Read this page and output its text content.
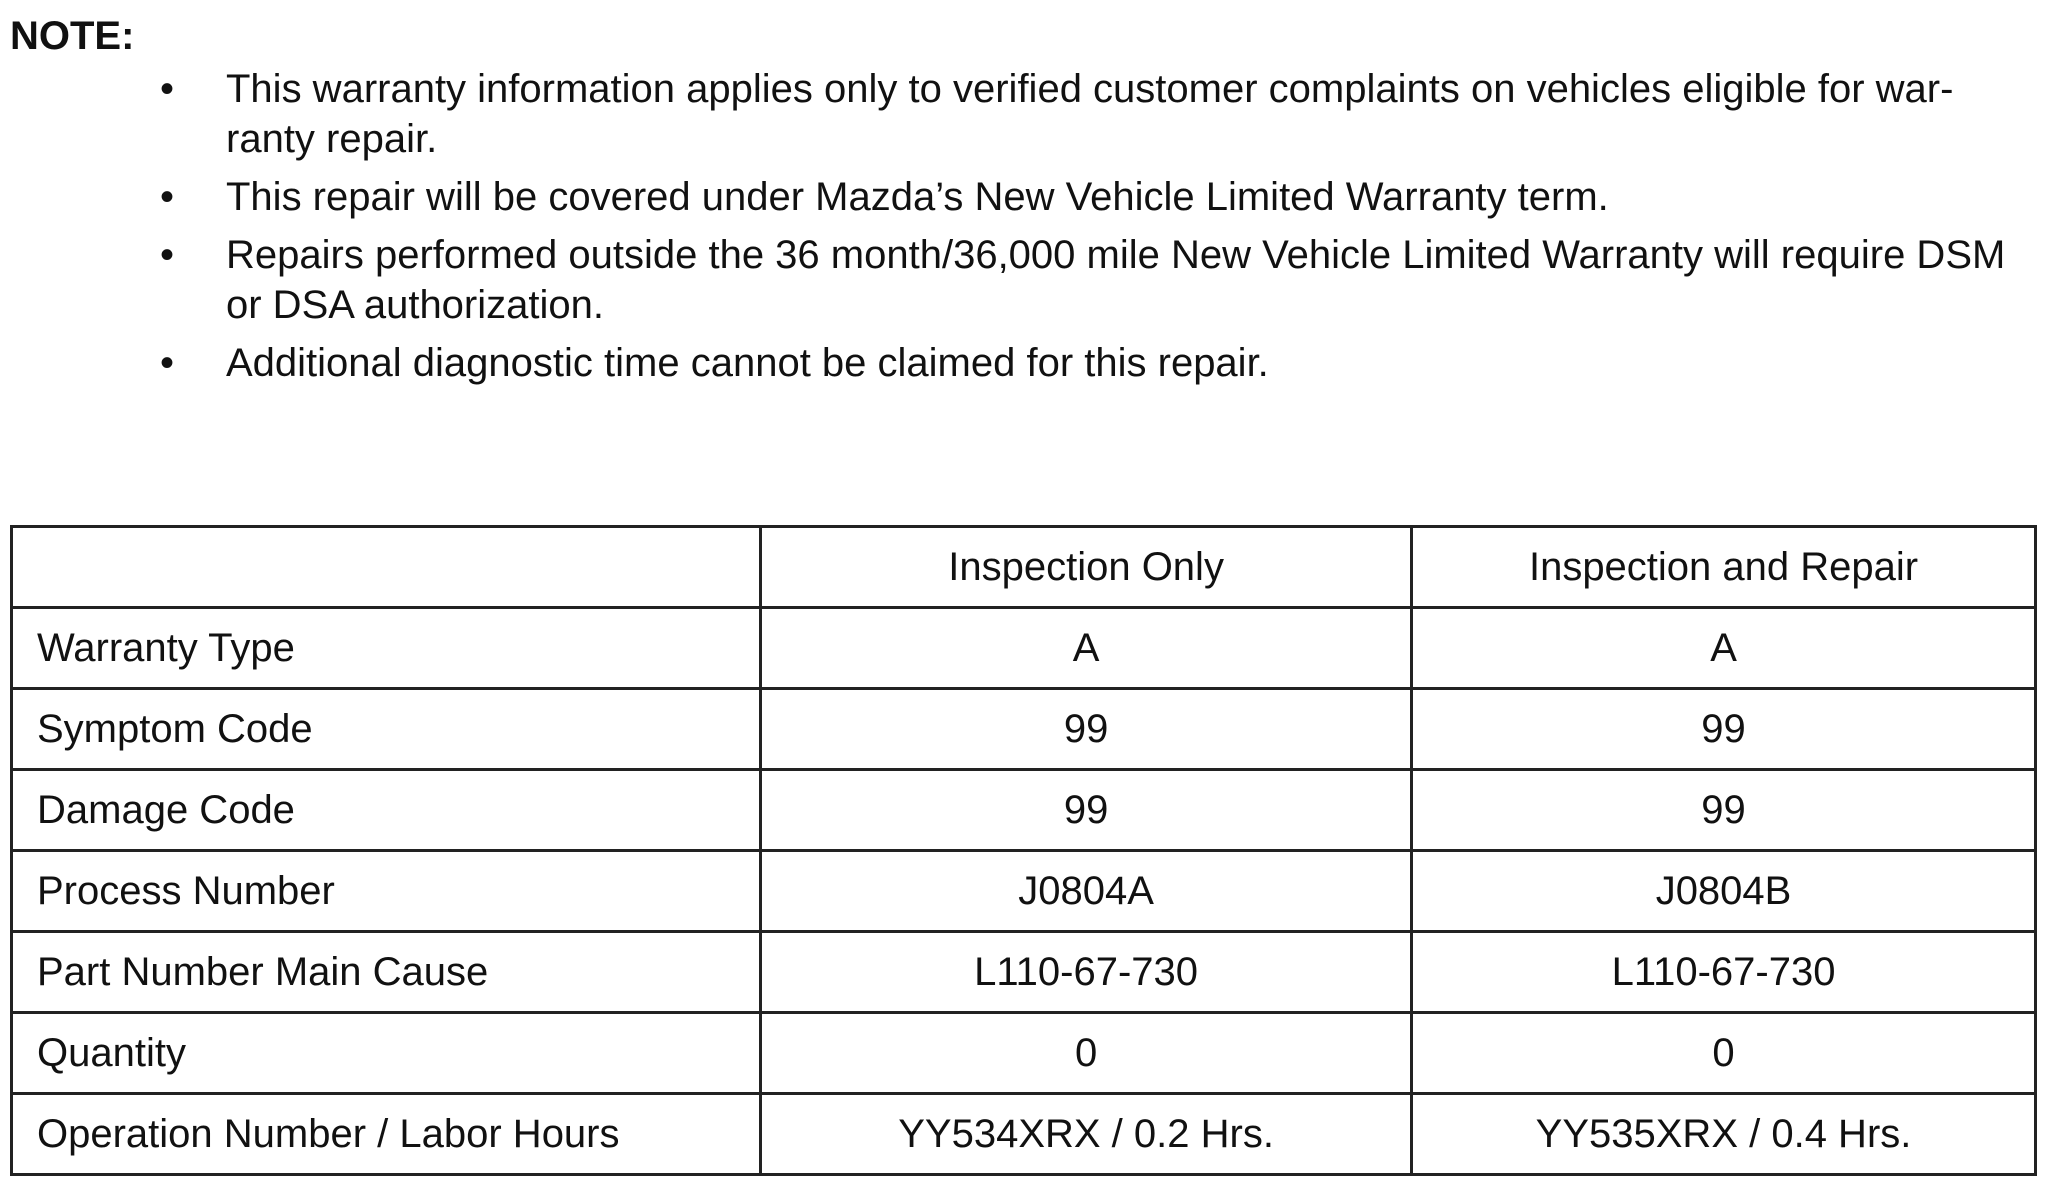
NOTE:
• This warranty information applies only to verified customer complaints on vehicles eligible for war- ranty repair.
• This repair will be covered under Mazda’s New Vehicle Limited Warranty term.
• Repairs performed outside the 36 month/36,000 mile New Vehicle Limited Warranty will require DSM or DSA authorization.
• Additional diagnostic time cannot be claimed for this repair.
	Inspection Only	Inspection and Repair
Warranty Type	A	A
Symptom Code	99	99
Damage Code	99	99
Process Number	J0804A	J0804B
Part Number Main Cause	L110-67-730	L110-67-730
Quantity	0	0
Operation Number / Labor Hours	YY534XRX / 0.2 Hrs.	YY535XRX / 0.4 Hrs.
